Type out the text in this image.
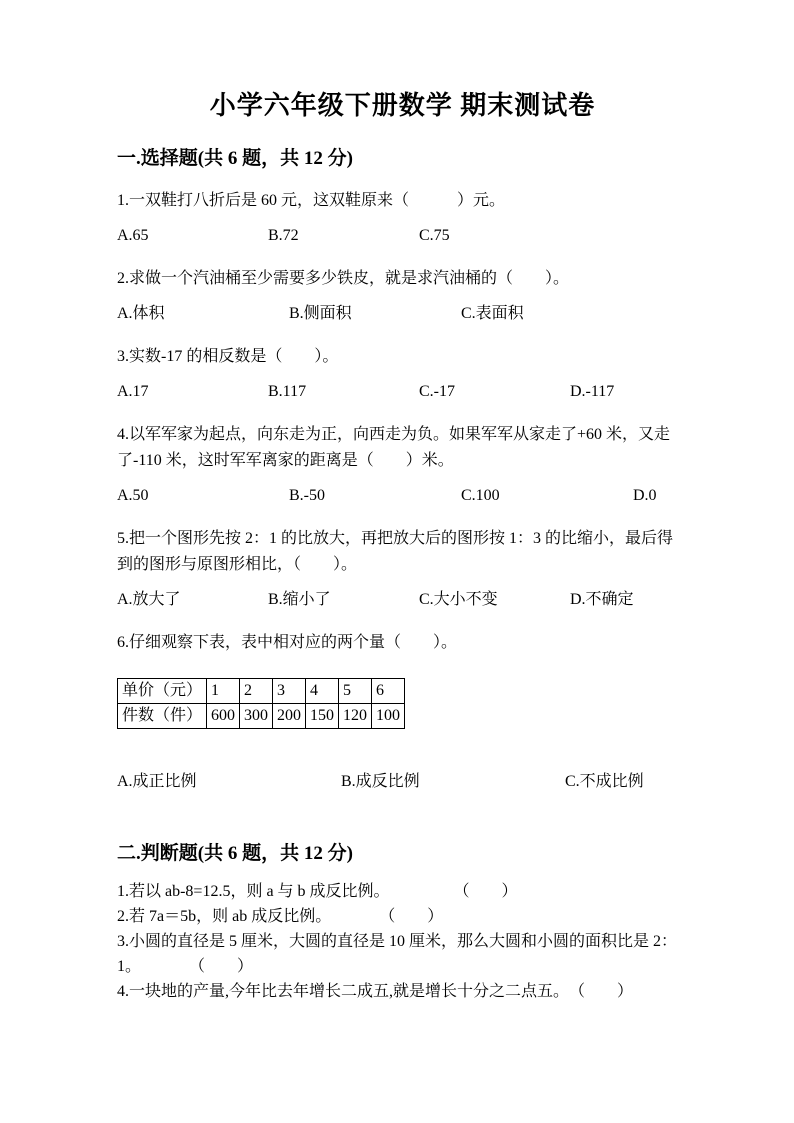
小学六年级下册数学 期末测试卷
一.选择题(共 6 题，共 12 分)

1.一双鞋打八折后是 60 元，这双鞋原来（　　　）元。

A.65	B.72	C.75

2.求做一个汽油桶至少需要多少铁皮，就是求汽油桶的（　　）。

A.体积	B.侧面积	C.表面积

3.实数-17 的相反数是（　　）。

A.17	B.117	C.-17	D.-117

4.以军军家为起点，向东走为正，向西走为负。如果军军从家走了+60 米，又走了-110 米，这时军军离家的距离是（　　）米。

A.50	B.-50	C.100	D.0

5.把一个图形先按 2：1 的比放大，再把放大后的图形按 1：3 的比缩小，最后得到的图形与原图形相比，（　　）。

A.放大了	B.缩小了	C.大小不变	D.不确定

6.仔细观察下表，表中相对应的两个量（　　）。

单价（元）	1	2	3	4	5	6
件数（件）	600	300	200	150	120	100
A.成正比例	B.成反比例	C.不成比例
二.判断题(共 6 题，共 12 分)

1.若以 ab-8=12.5，则 a 与 b 成反比例。　　　　　（　　）

2.若 7a＝5b，则 ab 成反比例。　　　　（　　）

3.小圆的直径是 5 厘米，大圆的直径是 10 厘米，那么大圆和小圆的面积比是 2：1。　　　　（　　）

4.一块地的产量,今年比去年增长二成五,就是增长十分之二点五。　（　　）
